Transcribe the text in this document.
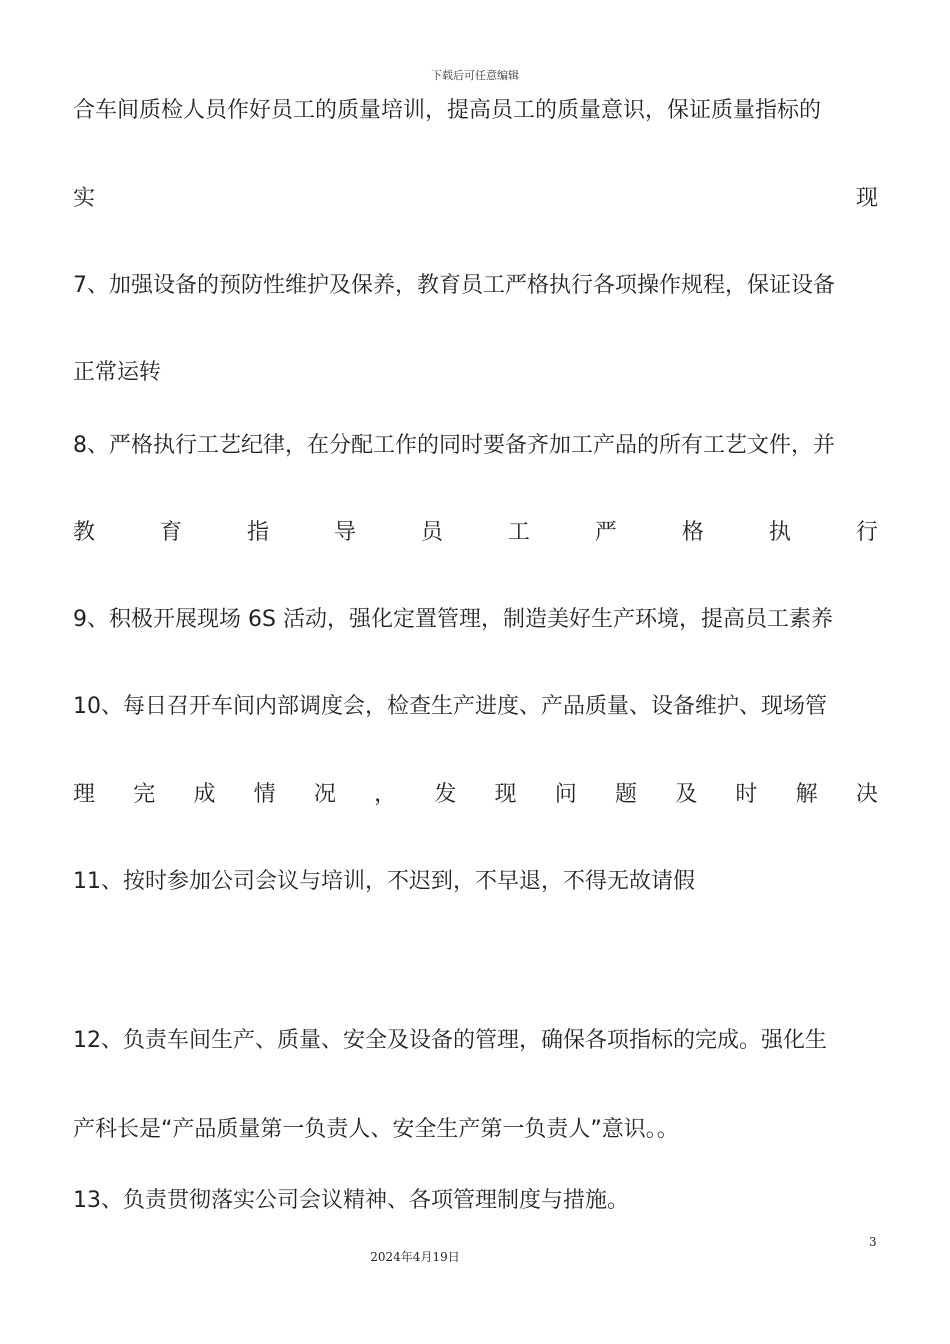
下载后可任意编辑
合车间质检人员作好员工的质量培训，提高员工的质量意识，保证质量指标的
实	现
7、加强设备的预防性维护及保养，教育员工严格执行各项操作规程，保证设备
正常运转
8、严格执行工艺纪律，在分配工作的同时要备齐加工产品的所有工艺文件，并
教	育	指	导	员	工	严	格	执	行
9、积极开展现场 6S 活动，强化定置管理，制造美好生产环境，提高员工素养
10、每日召开车间内部调度会，检查生产进度、产品质量、设备维护、现场管
理 完 成 情 况 ， 发 现 问 题 及 时 解 决
11、按时参加公司会议与培训，不迟到，不早退，不得无故请假
12、负责车间生产、质量、安全及设备的管理，确保各项指标的完成。强化生
产科长是“产品质量第一负责人、安全生产第一负责人”意识。。
13、负责贯彻落实公司会议精神、各项管理制度与措施。
3
2024年4月19日
